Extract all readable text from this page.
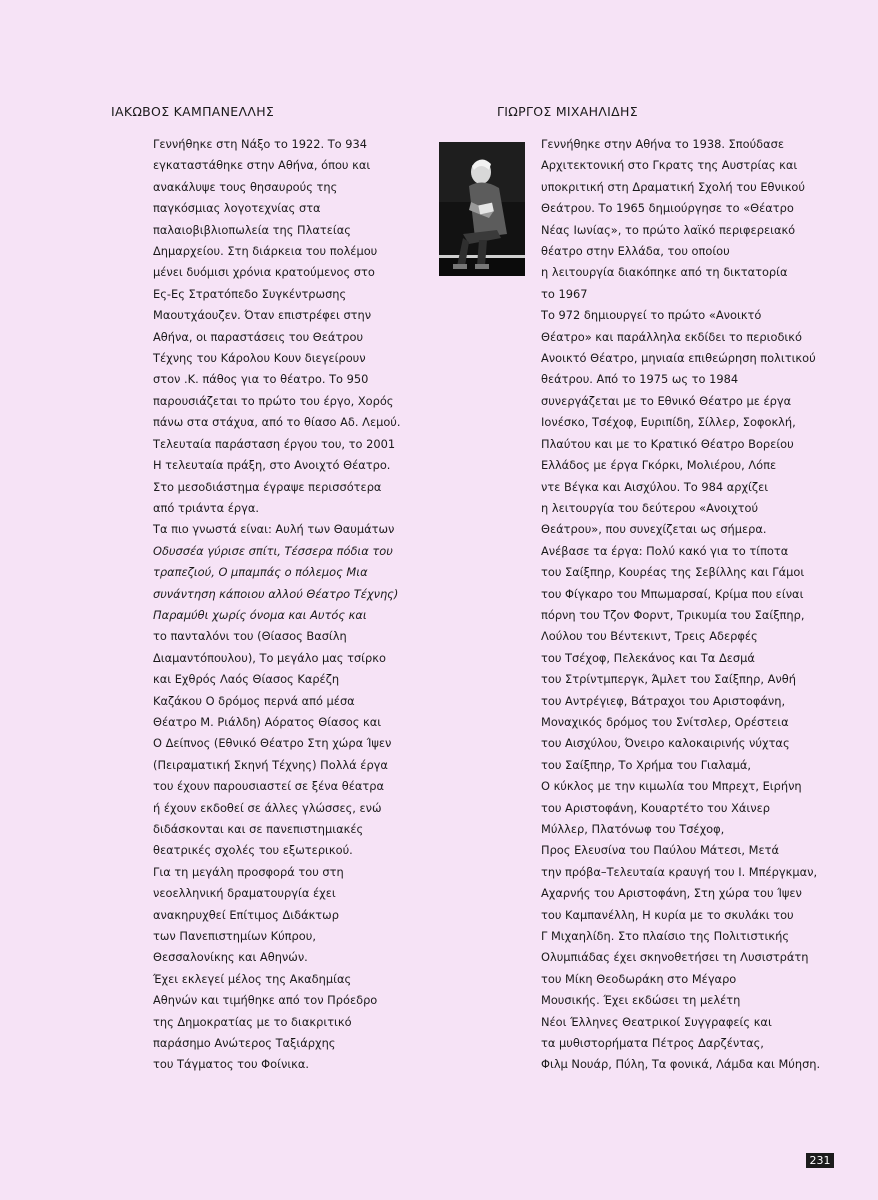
ΙΑΚΩΒΟΣ ΚΑΜΠΑΝΕΛΛΗΣ	ΓΙΩΡΓΟΣ ΜΙΧΑΗΛΙΔΗΣ
Γεννήθηκε στη Νάξο το 1922. Το 934
εγκαταστάθηκε στην Αθήνα, όπου και
ανακάλυψε τους θησαυρούς της
παγκόσμιας λογοτεχνίας στα
παλαιοβιβλιοπωλεία της Πλατείας
Δημαρχείου. Στη διάρκεια του πολέμου
μένει δυόμισι χρόνια κρατούμενος στο
Ες-Ες Στρατόπεδο Συγκέντρωσης
Μαουτχάουζεν. Όταν επιστρέφει στην
Αθήνα, οι παραστάσεις του Θεάτρου
Τέχνης του Κάρολου Κουν διεγείρουν
στον .Κ. πάθος για το θέατρο. Το 950
παρουσιάζεται το πρώτο του έργο, Χορός
πάνω στα στάχυα, από το θίασο Αδ. Λεμού.
Τελευταία παράσταση έργου του, το 2001
Η τελευταία πράξη, στο Ανοιχτό Θέατρο.
Στο μεσοδιάστημα έγραψε περισσότερα
από τριάντα έργα.
Τα πιο γνωστά είναι: Αυλή των Θαυμάτων
Οδυσσέα γύρισε σπίτι, Τέσσερα πόδια του
τραπεζιού, Ο μπαμπάς ο πόλεμος Μια
συνάντηση κάποιου αλλού Θέατρο Τέχνης)
Παραμύθι χωρίς όνομα και Αυτός και
το πανταλόνι του (Θίασος Βασίλη
Διαμαντόπουλου), Το μεγάλο μας τσίρκο
και Εχθρός Λαός Θίασος Καρέζη
Καζάκου Ο δρόμος περνά από μέσα
Θέατρο Μ. Ριάλδη) Αόρατος Θίασος και
Ο Δείπνος (Εθνικό Θέατρο Στη χώρα Ίψεν
(Πειραματική Σκηνή Τέχνης) Πολλά έργα
του έχουν παρουσιαστεί σε ξένα θέατρα
ή έχουν εκδοθεί σε άλλες γλώσσες, ενώ
διδάσκονται και σε πανεπιστημιακές
θεατρικές σχολές του εξωτερικού.
Για τη μεγάλη προσφορά του στη
νεοελληνική δραματουργία έχει
ανακηρυχθεί Επίτιμος Διδάκτωρ
των Πανεπιστημίων Κύπρου,
Θεσσαλονίκης και Αθηνών.
Έχει εκλεγεί μέλος της Ακαδημίας
Αθηνών και τιμήθηκε από τον Πρόεδρο
της Δημοκρατίας με το διακριτικό
παράσημο Ανώτερος Ταξιάρχης
του Τάγματος του Φοίνικα.
Γεννήθηκε στην Αθήνα το 1938. Σπούδασε
Αρχιτεκτονική στο Γκρατς της Αυστρίας και
υποκριτική στη Δραματική Σχολή του Εθνικού
Θεάτρου. Το 1965 δημιούργησε το «Θέατρο
Νέας Ιωνίας», το πρώτο λαϊκό περιφερειακό
θέατρο στην Ελλάδα, του οποίου
η λειτουργία διακόπηκε από τη δικτατορία
το 1967
Το 972 δημιουργεί το πρώτο «Ανοικτό
Θέατρο» και παράλληλα εκδίδει το περιοδικό
Ανοικτό Θέατρο, μηνιαία επιθεώρηση πολιτικού
θεάτρου. Από το 1975 ως το 1984
συνεργάζεται με το Εθνικό Θέατρο με έργα
Ιονέσκο, Τσέχοφ, Ευριπίδη, Σίλλερ, Σοφοκλή,
Πλαύτου και με το Κρατικό Θέατρο Βορείου
Ελλάδος με έργα Γκόρκι, Μολιέρου, Λόπε
ντε Βέγκα και Αισχύλου. Το 984 αρχίζει
η λειτουργία του δεύτερου «Ανοιχτού
Θεάτρου», που συνεχίζεται ως σήμερα.
Ανέβασε τα έργα: Πολύ κακό για το τίποτα
του Σαίξπηρ, Κουρέας της Σεβίλλης και Γάμοι
του Φίγκαρο του Μπωμαρσαί, Κρίμα που είναι
πόρνη του Τζον Φορντ, Τρικυμία του Σαίξπηρ,
Λούλου του Βέντεκιντ, Τρεις Αδερφές
του Τσέχοφ, Πελεκάνος και Τα Δεσμά
του Στρίντμπεργκ, Άμλετ του Σαίξπηρ, Ανθή
του Αντρέγιεφ, Βάτραχοι του Αριστοφάνη,
Μοναχικός δρόμος του Σνίτσλερ, Ορέστεια
του Αισχύλου, Όνειρο καλοκαιρινής νύχτας
του Σαίξπηρ, Το Χρήμα του Γιαλαμά,
Ο κύκλος με την κιμωλία του Μπρεχτ, Ειρήνη
του Αριστοφάνη, Κουαρτέτο του Χάινερ
Μύλλερ, Πλατόνωφ του Τσέχοφ,
Προς Ελευσίνα του Παύλου Μάτεσι, Μετά
την πρόβα–Τελευταία κραυγή του Ι. Μπέργκμαν,
Αχαρνής του Αριστοφάνη, Στη χώρα του Ίψεν
του Καμπανέλλη, Η κυρία με το σκυλάκι του
Γ Μιχαηλίδη. Στο πλαίσιο της Πολιτιστικής
Ολυμπιάδας έχει σκηνοθετήσει τη Λυσιστράτη
του Μίκη Θεοδωράκη στο Μέγαρο
Μουσικής. Έχει εκδώσει τη μελέτη
Νέοι Έλληνες Θεατρικοί Συγγραφείς και
τα μυθιστορήματα Πέτρος Δαρζέντας,
Φιλμ Νουάρ, Πύλη, Τα φονικά, Λάμδα και Μύηση.
231
